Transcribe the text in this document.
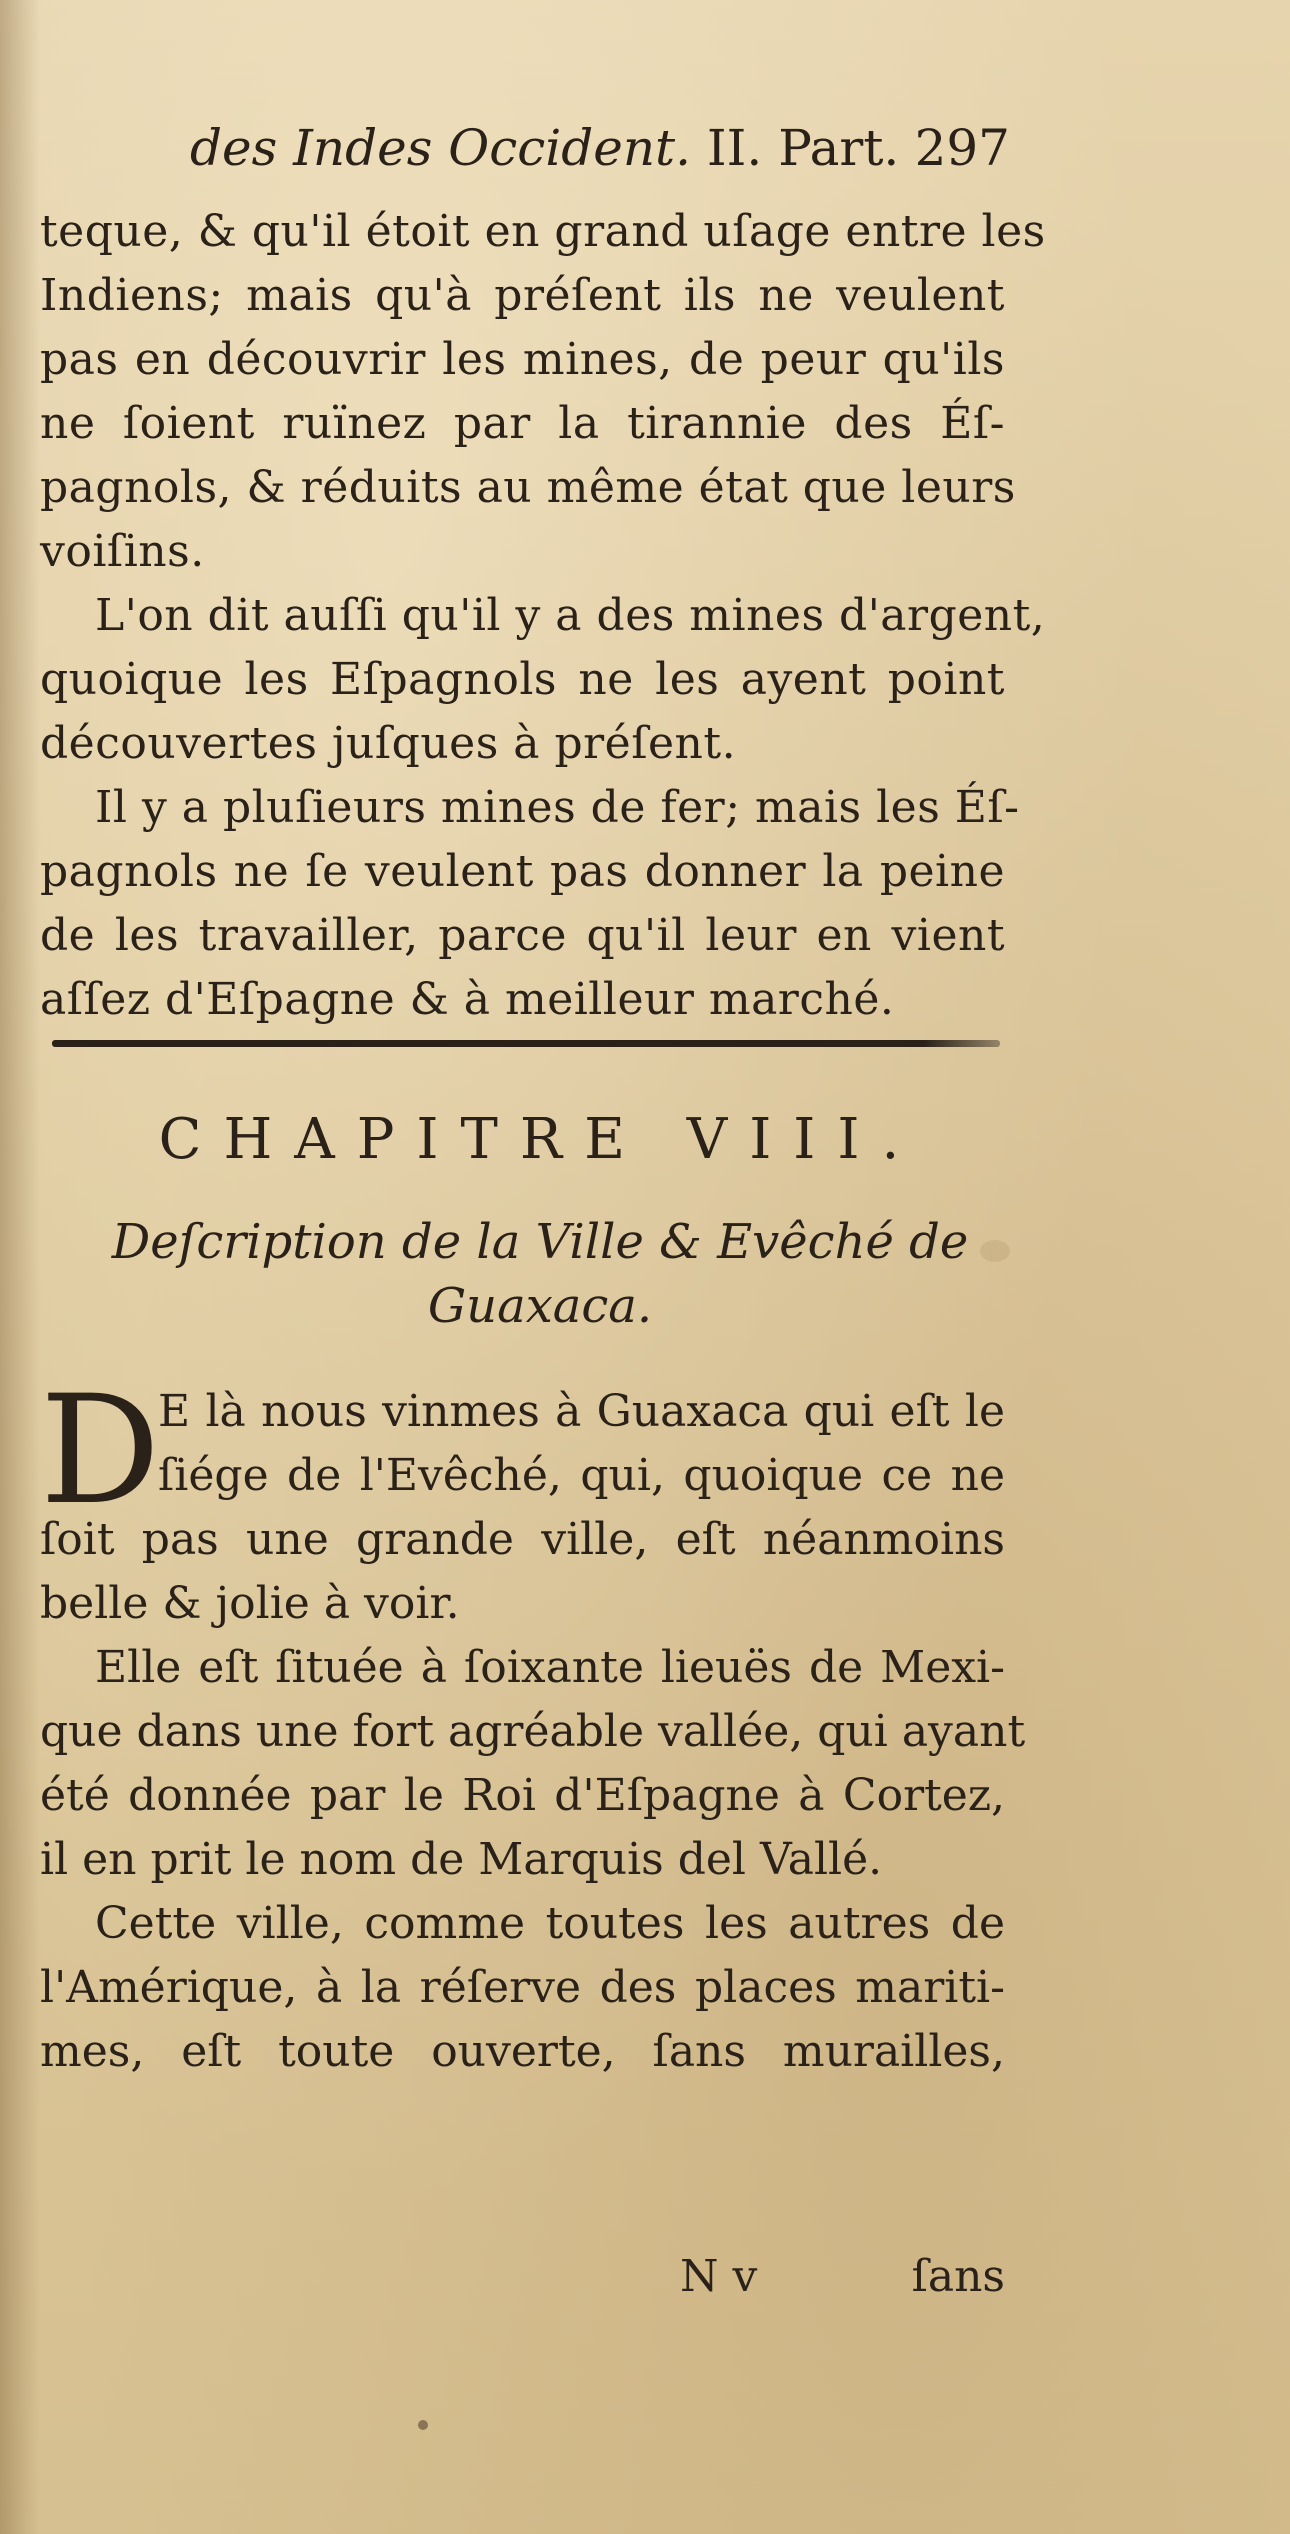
des Indes Occident. II. Part. 297
teque, & qu'il étoit en grand uſage entre les
Indiens; mais qu'à préſent ils ne veulent
pas en découvrir les mines, de peur qu'ils
ne ſoient ruïnez par la tirannie des Éſ-
pagnols, & réduits au même état que leurs
voiſins.
L'on dit auſſi qu'il y a des mines d'argent,
quoique les Eſpagnols ne les ayent point
découvertes juſques à préſent.
Il y a pluſieurs mines de fer; mais les Éſ-
pagnols ne ſe veulent pas donner la peine
de les travailler, parce qu'il leur en vient
aſſez d'Eſpagne & à meilleur marché.
CHAPITRE VIII.
Deſcription de la Ville & Evêché de
Guaxaca.
D
E là nous vinmes à Guaxaca qui eſt le
ſiége de l'Evêché, qui, quoique ce ne
ſoit pas une grande ville, eſt néanmoins
belle & jolie à voir.
Elle eſt ſituée à ſoixante lieuës de Mexi-
que dans une fort agréable vallée, qui ayant
été donnée par le Roi d'Eſpagne à Cortez,
il en prit le nom de Marquis del Vallé.
Cette ville, comme toutes les autres de
l'Amérique, à la réſerve des places mariti-
mes, eſt toute ouverte, ſans murailles,
N v	ſans
